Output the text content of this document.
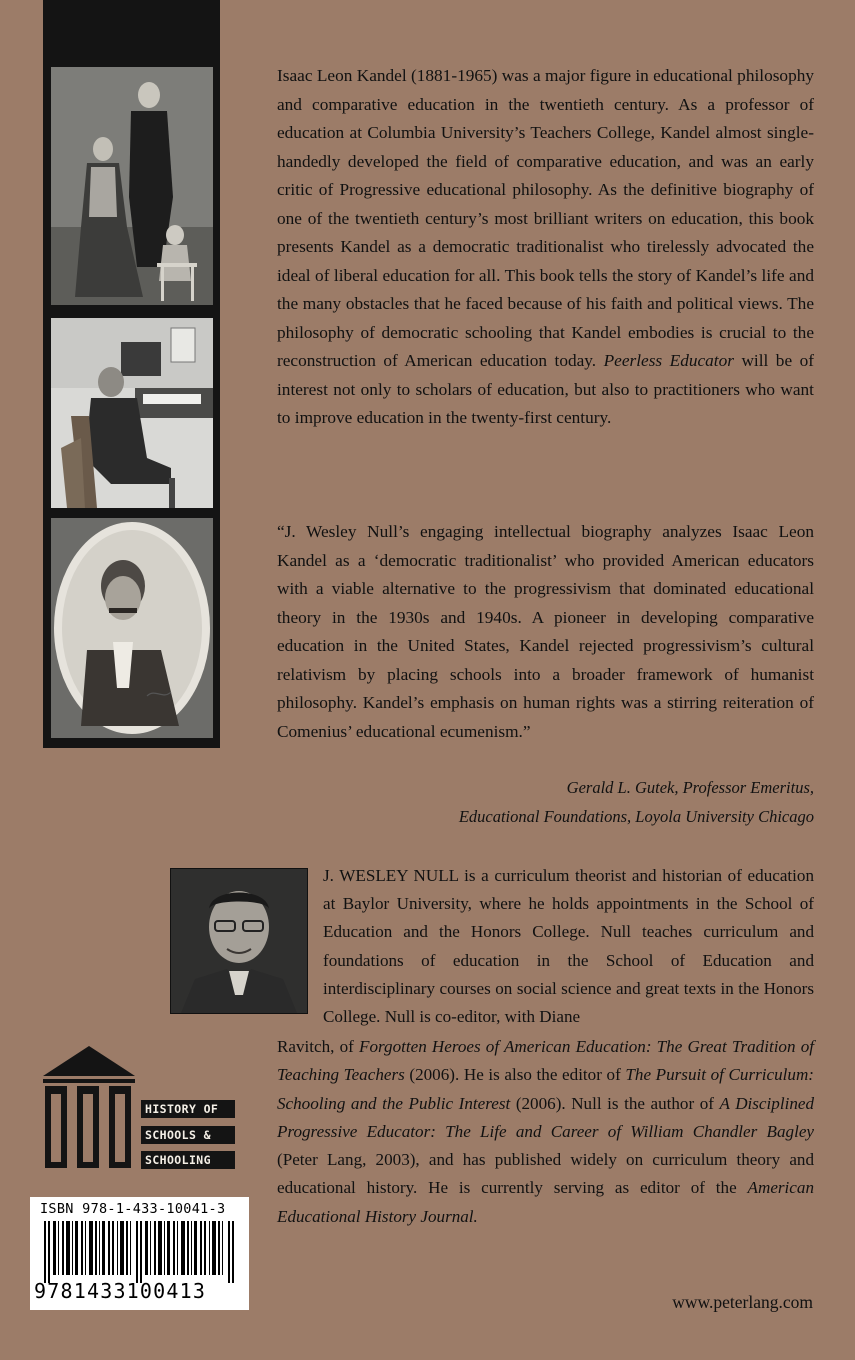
Isaac Leon Kandel (1881-1965) was a major figure in educational philosophy and comparative education in the twentieth century. As a professor of education at Columbia University’s Teachers College, Kandel almost single-handedly developed the field of comparative education, and was an early critic of Progressive educational philosophy. As the definitive biography of one of the twentieth century’s most brilliant writers on education, this book presents Kandel as a democratic traditionalist who tirelessly advocated the ideal of liberal education for all. This book tells the story of Kandel’s life and the many obstacles that he faced because of his faith and political views. The philosophy of democratic schooling that Kandel embodies is crucial to the reconstruction of American education today. Peerless Educator will be of interest not only to scholars of education, but also to practitioners who want to improve education in the twenty-first century.

“J. Wesley Null’s engaging intellectual biography analyzes Isaac Leon Kandel as a ‘democratic traditionalist’ who provided American educators with a viable alternative to the progressivism that dominated educational theory in the 1930s and 1940s. A pioneer in developing comparative education in the United States, Kandel rejected progressivism’s cultural relativism by placing schools into a broader framework of humanist philosophy. Kandel’s emphasis on human rights was a stirring reiteration of Comenius’ educational ecumenism.”

Gerald L. Gutek, Professor Emeritus,
Educational Foundations, Loyola University Chicago

J. WESLEY NULL is a curriculum theorist and historian of education at Baylor University, where he holds appointments in the School of Education and the Honors College. Null teaches curriculum and foundations of education in the School of Education and interdisciplinary courses on social science and great texts in the Honors College. Null is co-editor, with Diane

Ravitch, of Forgotten Heroes of American Education: The Great Tradition of Teaching Teachers (2006). He is also the editor of The Pursuit of Curriculum: Schooling and the Public Interest (2006). Null is the author of A Disciplined Progressive Educator: The Life and Career of William Chandler Bagley (Peter Lang, 2003), and has published widely on curriculum theory and educational history. He is currently serving as editor of the American Educational History Journal.

HISTORY OF
SCHOOLS &
SCHOOLING
ISBN 978-1-433-10041-3
9781433100413	www.peterlang.com
